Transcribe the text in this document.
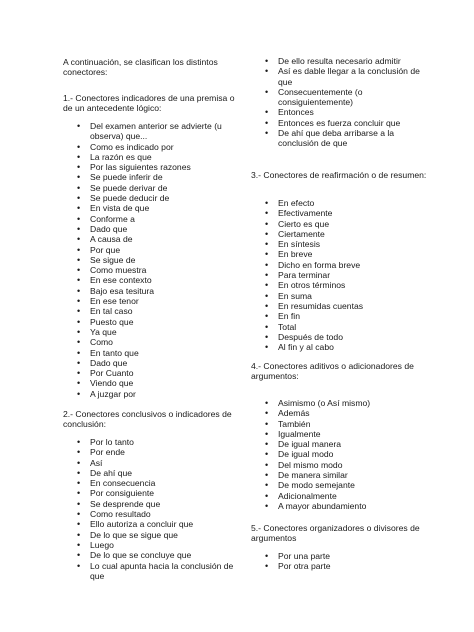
A continuación, se clasifican los distintos conectores:

1.- Conectores indicadores de una premisa o de un antecedente lógico:

• Del examen anterior se advierte (u observa) que...
• Como es indicado por
• La razón es que
• Por las siguientes razones
• Se puede inferir de
• Se puede derivar de
• Se puede deducir de
• En vista de que
• Conforme a
• Dado que
• A causa de
• Por que
• Se sigue de
• Como muestra
• En ese contexto
• Bajo esa tesitura
• En ese tenor
• En tal caso
• Puesto que
• Ya que
• Como
• En tanto que
• Dado que
• Por Cuanto
• Viendo que
• A juzgar por

2.- Conectores conclusivos o indicadores de conclusión:

• Por lo tanto
• Por ende
• Así
• De ahí que
• En consecuencia
• Por consiguiente
• Se desprende que
• Como resultado
• Ello autoriza a concluir que
• De lo que se sigue que
• Luego
• De lo que se concluye que
• Lo cual apunta hacia la conclusión de que
• De ello resulta necesario admitir
• Así es dable llegar a la conclusión de que
• Consecuentemente (o consiguientemente)
• Entonces
• Entonces es fuerza concluir que
• De ahí que deba arribarse a la conclusión de que

3.- Conectores de reafirmación o de resumen:

• En efecto
• Efectivamente
• Cierto es que
• Ciertamente
• En síntesis
• En breve
• Dicho en forma breve
• Para terminar
• En otros términos
• En suma
• En resumidas cuentas
• En fin
• Total
• Después de todo
• Al fin y al cabo

4.- Conectores aditivos o adicionadores de argumentos:

• Asimismo (o Así mismo)
• Además
• También
• Igualmente
• De igual manera
• De igual modo
• Del mismo modo
• De manera similar
• De modo semejante
• Adicionalmente
• A mayor abundamiento

5.- Conectores organizadores o divisores de argumentos

• Por una parte
• Por otra parte
